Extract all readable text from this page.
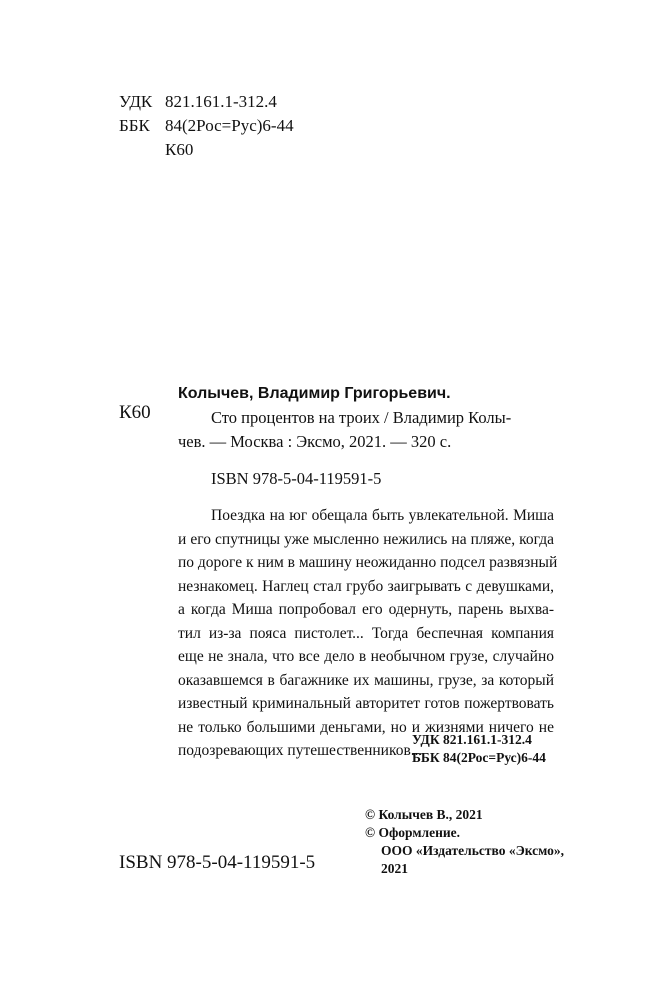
УДК 821.161.1-312.4
ББК 84(2Рос=Рус)6-44
К60
К60
Колычев, Владимир Григорьевич.
Сто процентов на троих / Владимир Колы-
чев. — Москва : Эксмо, 2021. — 320 с.
ISBN 978-5-04-119591-5
Поездка на юг обещала быть увлекательной. Миша
и его спутницы уже мысленно нежились на пляже, когда
по дороге к ним в машину неожиданно подсел развязный
незнакомец. Наглец стал грубо заигрывать с девушками,
а когда Миша попробовал его одернуть, парень выхва-
тил из-за пояса пистолет... Тогда беспечная компания
еще не знала, что все дело в необычном грузе, случайно
оказавшемся в багажнике их машины, грузе, за который
известный криминальный авторитет готов пожертвовать
не только большими деньгами, но и жизнями ничего не
подозревающих путешественников...
УДК 821.161.1-312.4
ББК 84(2Рос=Рус)6-44
ISBN 978-5-04-119591-5
© Колычев В., 2021
© Оформление.
ООО «Издательство «Эксмо»,
2021
